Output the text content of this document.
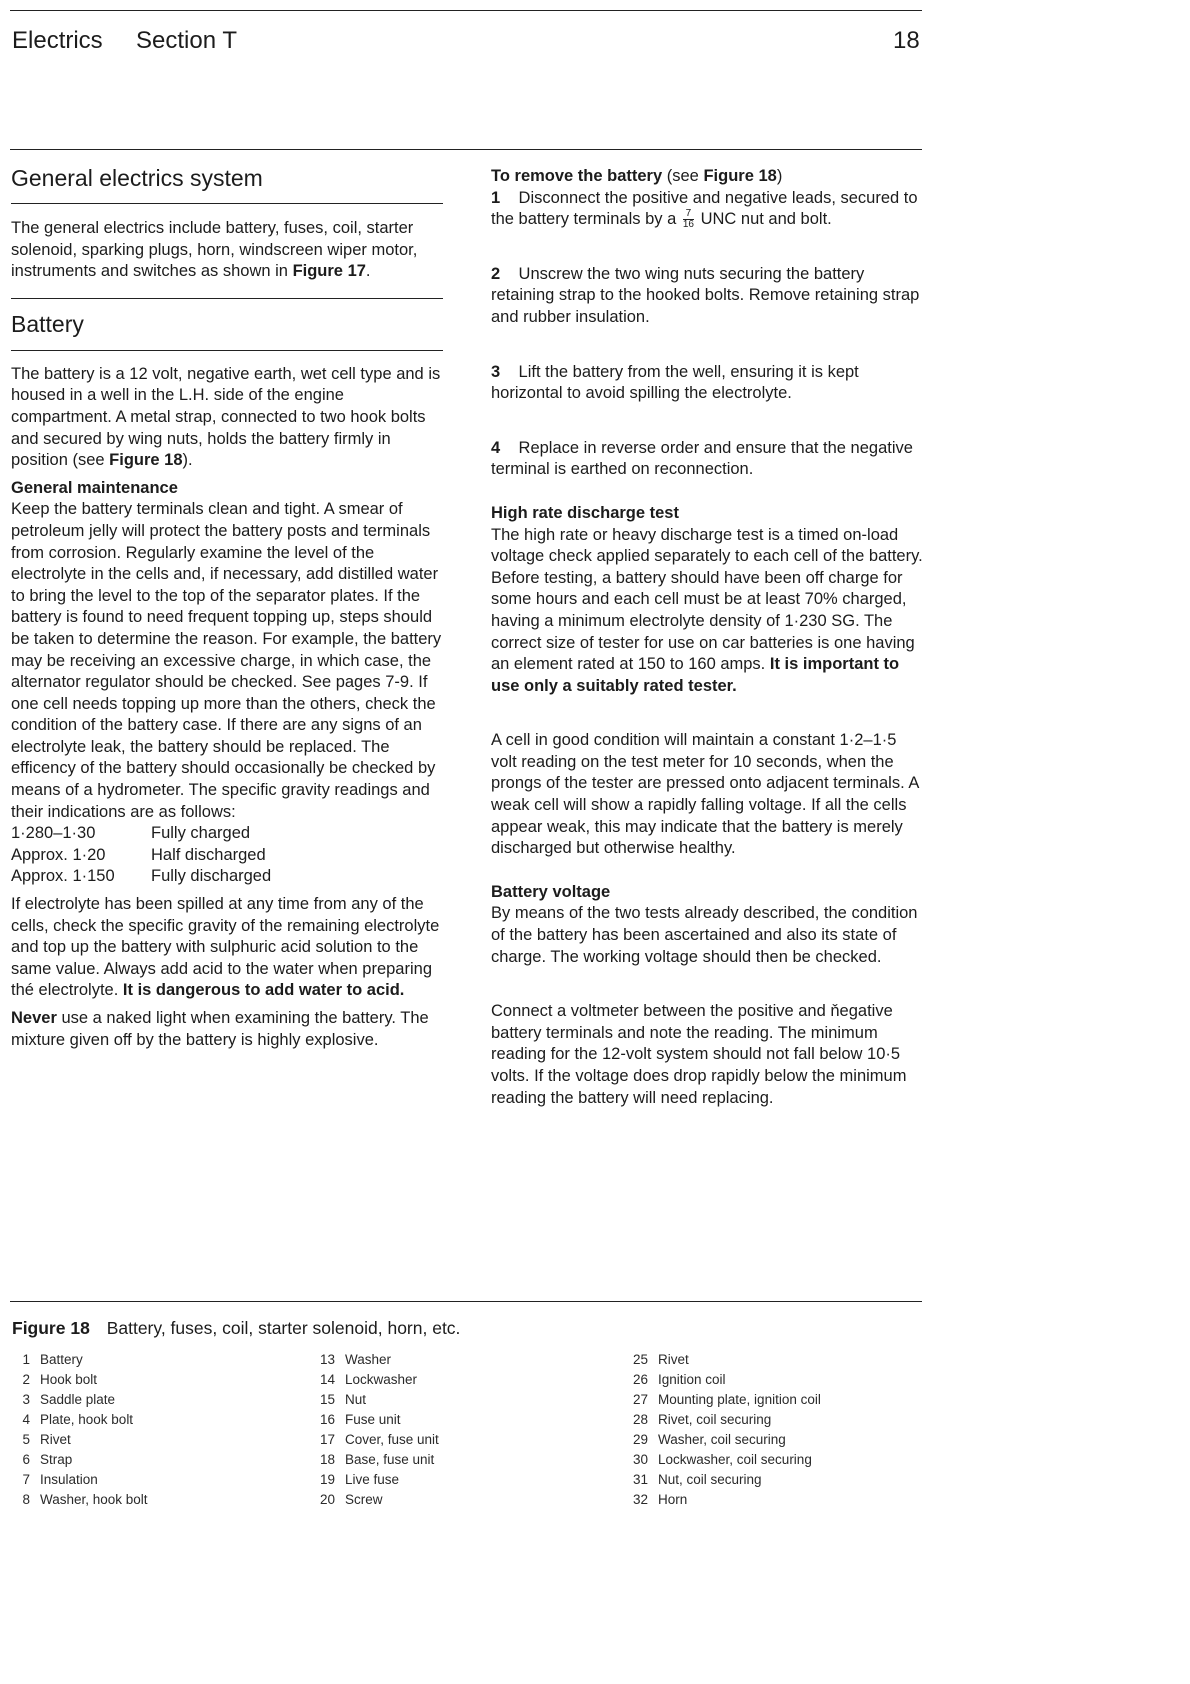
Electrics Section T	18
General electrics system
The general electrics include battery, fuses, coil, starter solenoid, sparking plugs, horn, windscreen wiper motor, instruments and switches as shown in Figure 17.
Battery
The battery is a 12 volt, negative earth, wet cell type and is housed in a well in the L.H. side of the engine compartment. A metal strap, connected to two hook bolts and secured by wing nuts, holds the battery firmly in position (see Figure 18).
General maintenance
Keep the battery terminals clean and tight. A smear of petroleum jelly will protect the battery posts and terminals from corrosion. Regularly examine the level of the electrolyte in the cells and, if necessary, add distilled water to bring the level to the top of the separator plates. If the battery is found to need frequent topping up, steps should be taken to determine the reason. For example, the battery may be receiving an excessive charge, in which case, the alternator regulator should be checked. See pages 7-9. If one cell needs topping up more than the others, check the condition of the battery case. If there are any signs of an electrolyte leak, the battery should be replaced. The efficency of the battery should occasionally be checked by means of a hydrometer. The specific gravity readings and their indications are as follows:
1·280–1·30	Fully charged
Approx. 1·20	Half discharged
Approx. 1·150	Fully discharged
If electrolyte has been spilled at any time from any of the cells, check the specific gravity of the remaining electrolyte and top up the battery with sulphuric acid solution to the same value. Always add acid to the water when preparing thé electrolyte. It is dangerous to add water to acid.
Never use a naked light when examining the battery. The mixture given off by the battery is highly explosive.
To remove the battery (see Figure 18)
1 Disconnect the positive and negative leads, secured to the battery terminals by a $\frac{7}{16}$ UNC nut and bolt.
2 Unscrew the two wing nuts securing the battery retaining strap to the hooked bolts. Remove retaining strap and rubber insulation.
3 Lift the battery from the well, ensuring it is kept horizontal to avoid spilling the electrolyte.
4 Replace in reverse order and ensure that the negative terminal is earthed on reconnection.
High rate discharge test
The high rate or heavy discharge test is a timed on-load voltage check applied separately to each cell of the battery. Before testing, a battery should have been off charge for some hours and each cell must be at least 70% charged, having a minimum electrolyte density of 1·230 SG. The correct size of tester for use on car batteries is one having an element rated at 150 to 160 amps. It is important to use only a suitably rated tester.
A cell in good condition will maintain a constant 1·2–1·5 volt reading on the test meter for 10 seconds, when the prongs of the tester are pressed onto adjacent terminals. A weak cell will show a rapidly falling voltage. If all the cells appear weak, this may indicate that the battery is merely discharged but otherwise healthy.
Battery voltage
By means of the two tests already described, the condition of the battery has been ascertained and also its state of charge. The working voltage should then be checked.
Connect a voltmeter between the positive and ňegative battery terminals and note the reading. The minimum reading for the 12-volt system should not fall below 10·5 volts. If the voltage does drop rapidly below the minimum reading the battery will need replacing.
Figure 18 Battery, fuses, coil, starter solenoid, horn, etc.
1 Battery
2 Hook bolt
3 Saddle plate
4 Plate, hook bolt
5 Rivet
6 Strap
7 Insulation
8 Washer, hook bolt
13 Washer
14 Lockwasher
15 Nut
16 Fuse unit
17 Cover, fuse unit
18 Base, fuse unit
19 Live fuse
20 Screw
25 Rivet
26 Ignition coil
27 Mounting plate, ignition coil
28 Rivet, coil securing
29 Washer, coil securing
30 Lockwasher, coil securing
31 Nut, coil securing
32 Horn
